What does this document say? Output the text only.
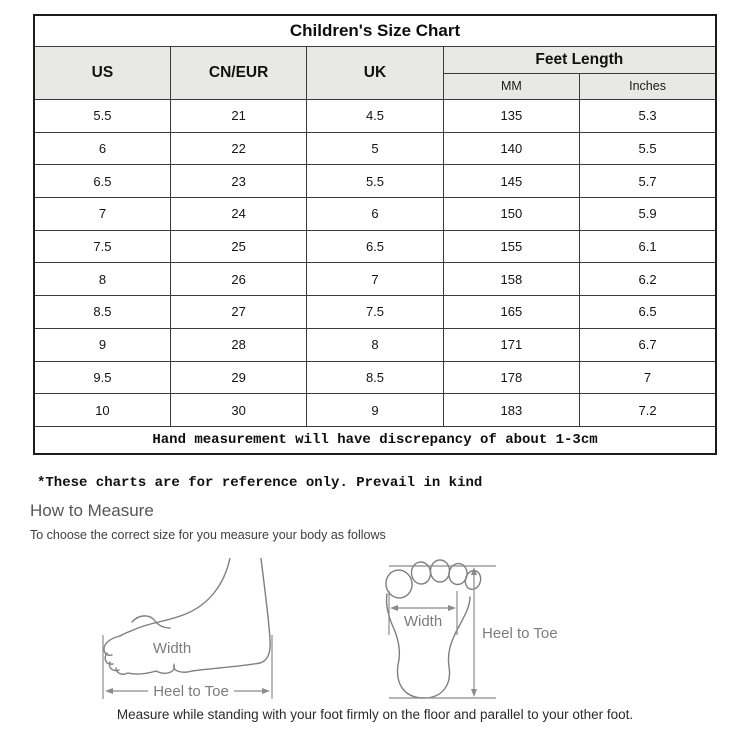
Children's Size Chart				
US	CN/EUR	UK	Feet Length	
			MM	Inches
5.5	21	4.5	135	5.3
6	22	5	140	5.5
6.5	23	5.5	145	5.7
7	24	6	150	5.9
7.5	25	6.5	155	6.1
8	26	7	158	6.2
8.5	27	7.5	165	6.5
9	28	8	171	6.7
9.5	29	8.5	178	7
10	30	9	183	7.2
Hand measurement will have discrepancy of about 1-3cm				
*These charts are for reference only. Prevail in kind
How to Measure
To choose the correct size for you measure your body as follows
Width
Heel to Toe
Width
Heel to Toe
Measure while standing with your foot firmly on the floor and parallel to your other foot.
